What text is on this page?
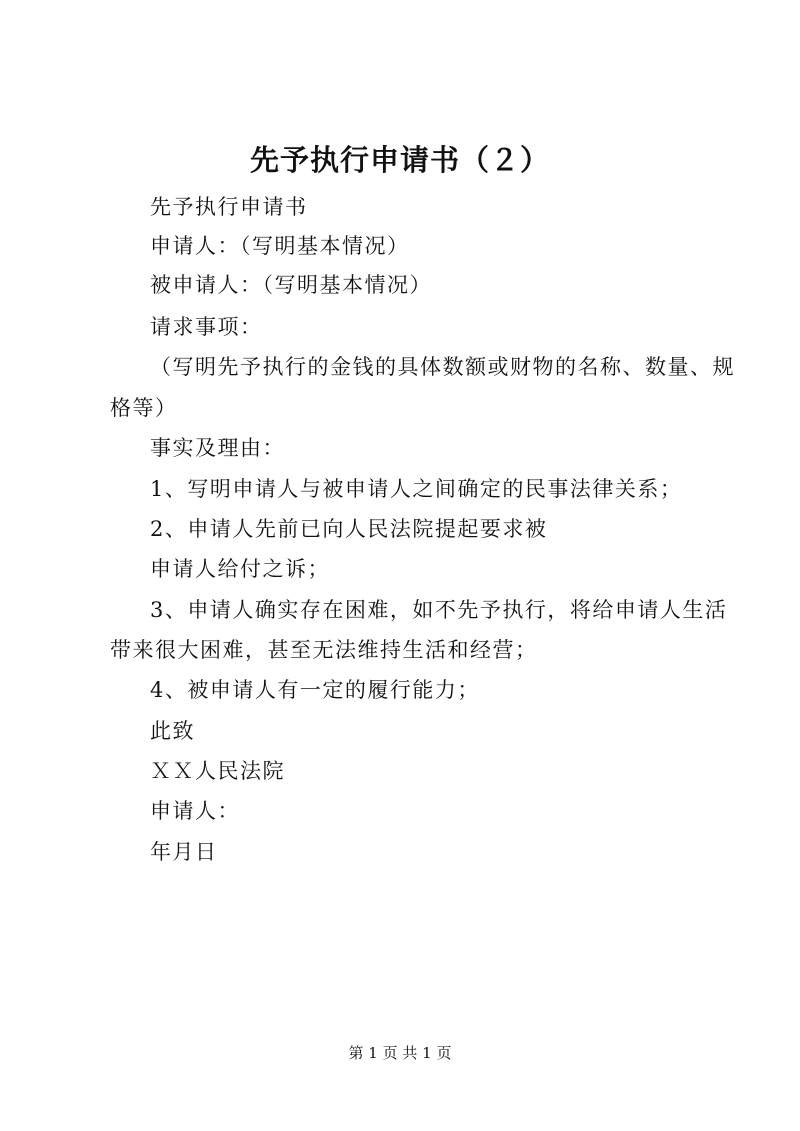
先予执行申请书（２）

先予执行申请书

申请人：（写明基本情况）

被申请人：（写明基本情况）

请求事项：

（写明先予执行的金钱的具体数额或财物的名称、数量、规

格等）

事实及理由：

1、写明申请人与被申请人之间确定的民事法律关系；

2、申请人先前已向人民法院提起要求被

申请人给付之诉；

3、申请人确实存在困难，如不先予执行，将给申请人生活

带来很大困难，甚至无法维持生活和经营；

4、被申请人有一定的履行能力；

此致

ＸＸ人民法院

申请人：

年月日

第 1 页 共 1 页
